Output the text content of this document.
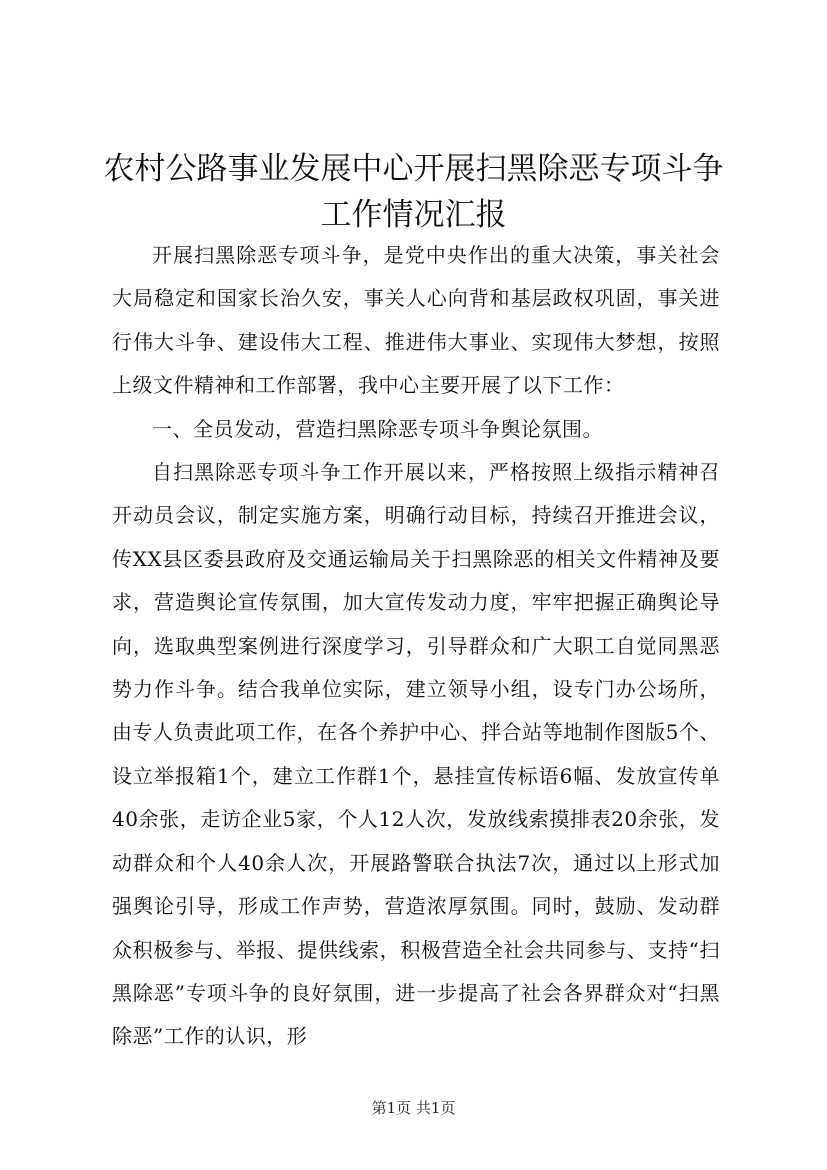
农村公路事业发展中心开展扫黑除恶专项斗争工作情况汇报

开展扫黑除恶专项斗争，是党中央作出的重大决策，事关社会大局稳定和国家长治久安，事关人心向背和基层政权巩固，事关进行伟大斗争、建设伟大工程、推进伟大事业、实现伟大梦想，按照上级文件精神和工作部署，我中心主要开展了以下工作：

一、全员发动，营造扫黑除恶专项斗争舆论氛围。

自扫黑除恶专项斗争工作开展以来，严格按照上级指示精神召开动员会议，制定实施方案，明确行动目标，持续召开推进会议，传XX县区委县政府及交通运输局关于扫黑除恶的相关文件精神及要求，营造舆论宣传氛围，加大宣传发动力度，牢牢把握正确舆论导向，选取典型案例进行深度学习，引导群众和广大职工自觉同黑恶势力作斗争。结合我单位实际，建立领导小组，设专门办公场所，由专人负责此项工作，在各个养护中心、拌合站等地制作图版5个、设立举报箱1个，建立工作群1个，悬挂宣传标语6幅、发放宣传单40余张，走访企业5家，个人12人次，发放线索摸排表20余张，发动群众和个人40余人次，开展路警联合执法7次，通过以上形式加强舆论引导，形成工作声势，营造浓厚氛围。同时，鼓励、发动群众积极参与、举报、提供线索，积极营造全社会共同参与、支持“扫黑除恶”专项斗争的良好氛围，进一步提高了社会各界群众对“扫黑除恶”工作的认识，形

第1页 共1页
